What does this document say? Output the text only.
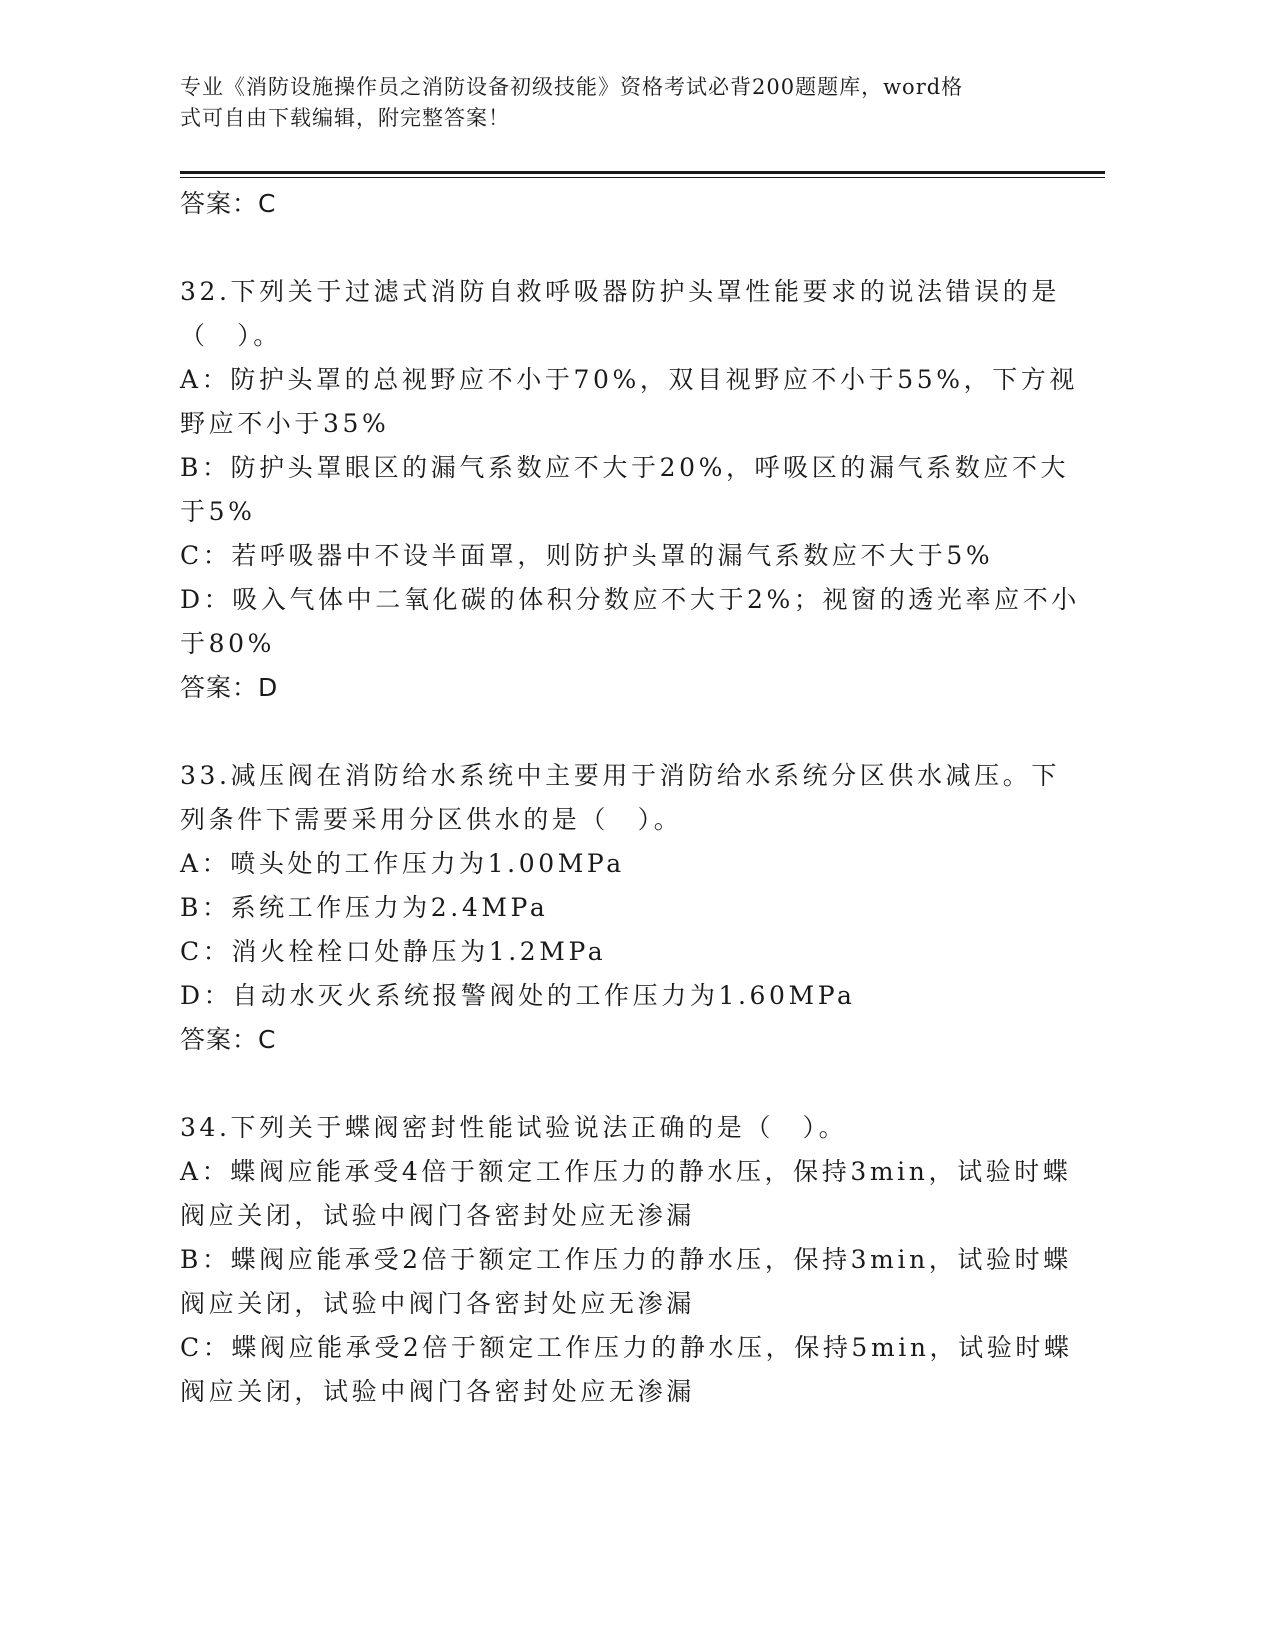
专业《消防设施操作员之消防设备初级技能》资格考试必背200题题库，word格
式可自由下载编辑，附完整答案！
答案：C
32.下列关于过滤式消防自救呼吸器防护头罩性能要求的说法错误的是
（　）。
A：防护头罩的总视野应不小于70%，双目视野应不小于55%，下方视
野应不小于35%
B：防护头罩眼区的漏气系数应不大于20%，呼吸区的漏气系数应不大
于5%
C：若呼吸器中不设半面罩，则防护头罩的漏气系数应不大于5%
D：吸入气体中二氧化碳的体积分数应不大于2%；视窗的透光率应不小
于80%
答案：D
33.减压阀在消防给水系统中主要用于消防给水系统分区供水减压。下
列条件下需要采用分区供水的是（　）。
A：喷头处的工作压力为1.00MPa
B：系统工作压力为2.4MPa
C：消火栓栓口处静压为1.2MPa
D：自动水灭火系统报警阀处的工作压力为1.60MPa
答案：C
34.下列关于蝶阀密封性能试验说法正确的是（　）。
A：蝶阀应能承受4倍于额定工作压力的静水压，保持3min，试验时蝶
阀应关闭，试验中阀门各密封处应无渗漏
B：蝶阀应能承受2倍于额定工作压力的静水压，保持3min，试验时蝶
阀应关闭，试验中阀门各密封处应无渗漏
C：蝶阀应能承受2倍于额定工作压力的静水压，保持5min，试验时蝶
阀应关闭，试验中阀门各密封处应无渗漏
